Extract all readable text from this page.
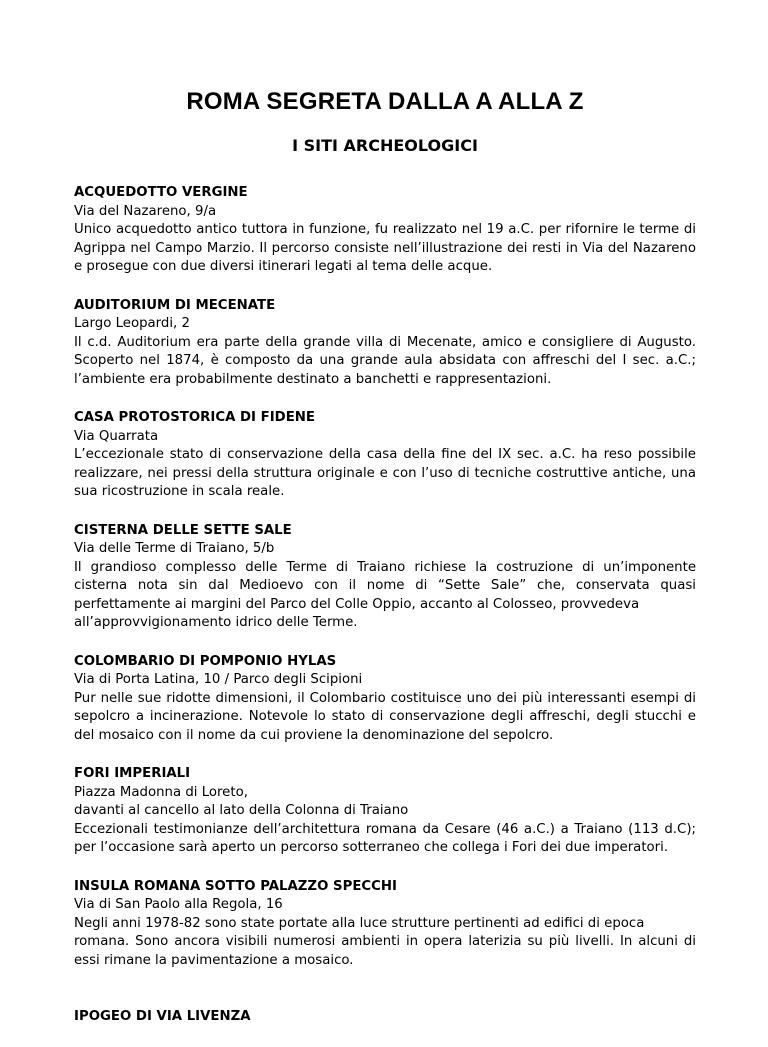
ROMA SEGRETA DALLA A ALLA Z
I SITI ARCHEOLOGICI

ACQUEDOTTO VERGINE

Via del Nazareno, 9/a

Unico acquedotto antico tuttora in funzione, fu realizzato nel 19 a.C. per rifornire le terme di Agrippa nel Campo Marzio. Il percorso consiste nell’illustrazione dei resti in Via del Nazareno e prosegue con due diversi itinerari legati al tema delle acque.

AUDITORIUM DI MECENATE

Largo Leopardi, 2

Il c.d. Auditorium era parte della grande villa di Mecenate, amico e consigliere di Augusto. Scoperto nel 1874, è composto da una grande aula absidata con affreschi del I sec. a.C.; l’ambiente era probabilmente destinato a banchetti e rappresentazioni.

CASA PROTOSTORICA DI FIDENE

Via Quarrata

L’eccezionale stato di conservazione della casa della fine del IX sec. a.C. ha reso possibile realizzare, nei pressi della struttura originale e con l’uso di tecniche costruttive antiche, una sua ricostruzione in scala reale.

CISTERNA DELLE SETTE SALE

Via delle Terme di Traiano, 5/b

Il grandioso complesso delle Terme di Traiano richiese la costruzione di un’imponente cisterna nota sin dal Medioevo con il nome di “Sette Sale” che, conservata quasi perfettamente ai margini del Parco del Colle Oppio, accanto al Colosseo, provvedeva

all’approvvigionamento idrico delle Terme.

COLOMBARIO DI POMPONIO HYLAS

Via di Porta Latina, 10 / Parco degli Scipioni

Pur nelle sue ridotte dimensioni, il Colombario costituisce uno dei più interessanti esempi di sepolcro a incinerazione. Notevole lo stato di conservazione degli affreschi, degli stucchi e del mosaico con il nome da cui proviene la denominazione del sepolcro.

FORI IMPERIALI

Piazza Madonna di Loreto,

davanti al cancello al lato della Colonna di Traiano

Eccezionali testimonianze dell’architettura romana da Cesare (46 a.C.) a Traiano (113 d.C); per l’occasione sarà aperto un percorso sotterraneo che collega i Fori dei due imperatori.

INSULA ROMANA SOTTO PALAZZO SPECCHI

Via di San Paolo alla Regola, 16

Negli anni 1978-82 sono state portate alla luce strutture pertinenti ad edifici di epoca

romana. Sono ancora visibili numerosi ambienti in opera laterizia su più livelli. In alcuni di essi rimane la pavimentazione a mosaico.

IPOGEO DI VIA LIVENZA
